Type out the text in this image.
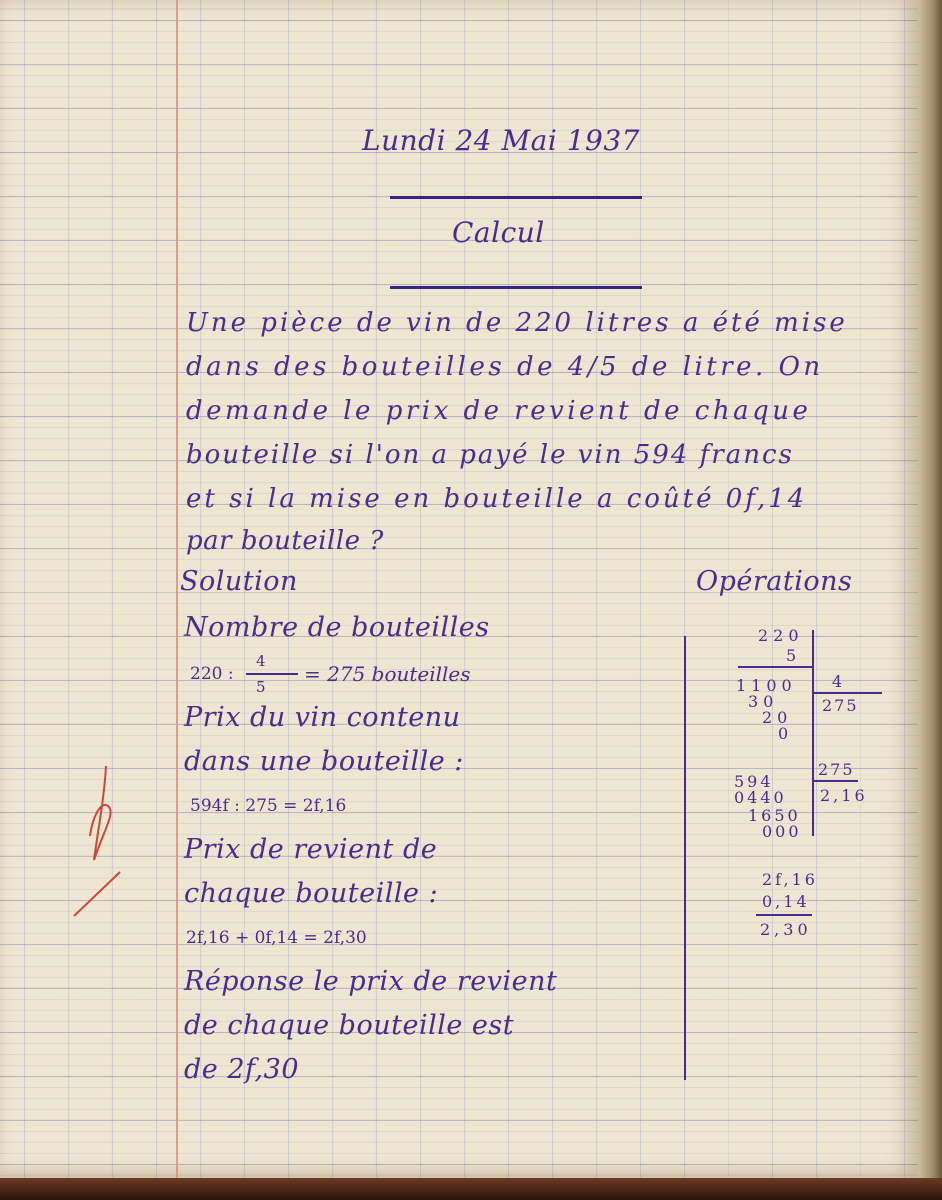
Lundi 24 Mai 1937
Calcul
Une pièce de vin de 220 litres a été mise
dans des bouteilles de 4/5 de litre. On
demande le prix de revient de chaque
bouteille si l'on a payé le vin 594 francs
et si la mise en bouteille a coûté 0f,14
par bouteille ?
Solution	Opérations
Nombre de bouteilles
220 :
4
5
= 275 bouteilles
Prix du vin contenu
dans une bouteille :
594f : 275 = 2f,16
Prix de revient de
chaque bouteille :
2f,16 + 0f,14 = 2f,30
Réponse le prix de revient
de chaque bouteille est
de 2f,30
220
5
1100
30
20
0
4
275
594
0440
1650
000
275
2,16
2f,16
0,14
2,30
